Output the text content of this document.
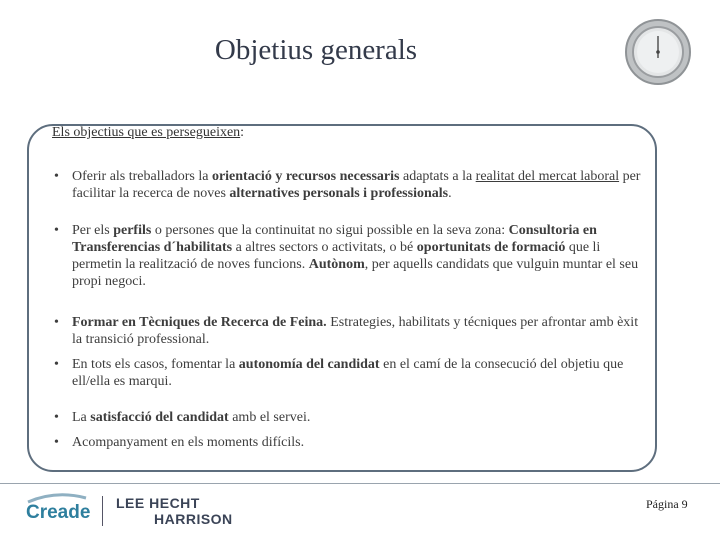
Objetius generals
Els objectius que es persegueixen:
• Oferir als treballadors la orientació y recursos necessaris adaptats a la realitat del mercat laboral per facilitar la recerca de noves alternatives personals i professionals.
• Per els perfils o persones que la continuitat no sigui possible en la seva zona: Consultoria en Transferencias d´habilitats a altres sectors o activitats, o bé oportunitats de formació que li permetin la realització de noves funcions. Autònom, per aquells candidats que vulguin muntar el seu propi negoci.
• Formar en Tècniques de Recerca de Feina. Estrategies, habilitats y técniques per afrontar amb èxit la transició professional.
• En tots els casos, fomentar la autonomía del candidat en el camí de la consecució del objetiu que ell/ella es marqui.
• La satisfacció del candidat amb el servei.
• Acompanyament en els moments difícils.
Creade LEE HECHT
HARRISON
Página 9
